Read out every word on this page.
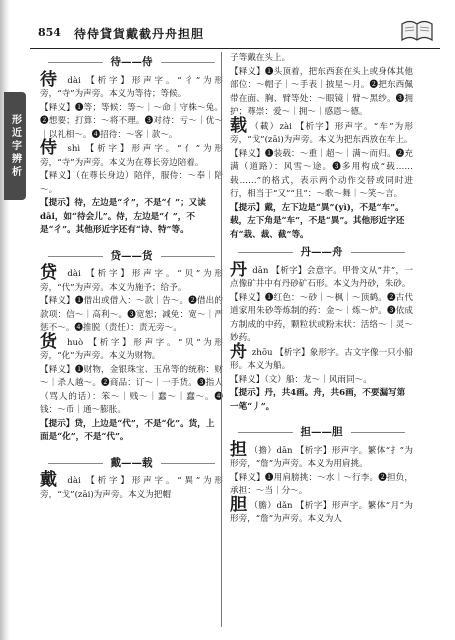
854 待侍貸貨戴截丹舟担胆
形近字辨析
待——侍

待 dài 【析字】形声字。“彳”为形旁，“寺”为声旁。本义为等待；等候。

【释义】❶等；等候：等～｜～命｜守株～兔。❷想要；打算：～将不理。❸对待：亏～｜优～｜以礼相～。❹招待：～客｜款～。

侍 shì 【析字】形声字。“亻”为形旁，“寺”为声旁。本义为在尊长旁边陪着。

【释义】（在尊长身边）陪伴，服侍：～奉｜陪～。

【提示】待，左边是“彳”，不是“亻”；又读 dāi，如“待会儿”。侍，左边是“亻”，不是“彳”。其他形近字还有“诗、特”等。

贷——货

贷 dài 【析字】形声字。“贝”为形旁，“代”为声旁。本义为施予；给予。

【释义】❶借出或借入：～款｜告～。❷借出的款项：信～｜高利～。❸宽恕；减免：宽～｜严惩不～。❹推脱（责任）：责无旁～。

货 huò 【析字】形声字。“贝”为形旁，“化”为声旁。本义为财物。

【释义】❶财物，金银珠宝、玉帛等的统称：财～｜杀人越～。❷商品：订～｜一手货。❸指人（骂人的话）：笨～｜贱～｜蠢～｜蠢～。❹钱：～币｜通～膨胀。

【提示】贷，上边是“代”，不是“化”。货，上面是“化”，不是“代”。

戴——载

戴 dài 【析字】形声字。“異”为形旁，“戈”(zāi)为声旁。本义为把帽

子等戴在头上。

【释义】❶头顶着，把东西套在头上或身体其他部位：～帽子｜～手表｜披星～月。❷把东西佩带在面、胸、臂等处：～眼镜｜臂～黑纱。❸拥护；尊崇：爱～｜拥～｜感恩～德。

载 （載）zài 【析字】形声字。“车”为形旁，“戈”(zāi)为声旁。本义为把东西放在车上。

【释义】❶装载：～重｜超～｜满～而归。❷充满（道路）：风雪～途。❸多用构成“载……载……”的格式，表示两个动作交替或同时进行，相当于“又”“且”：～歌～舞｜～笑～言。

【提示】戴，左下边是“異”(yì)，不是“车”。载，左下角是“车”，不是“異”。其他形近字还有“栽、裁、截”等。

丹——舟

丹 dān 【析字】会意字。甲骨文从“井”，一点像矿井中有丹砂矿石形。本义为丹砂，朱砂。

【释义】❶红色：～砂｜～枫｜～顶鹤。❷古代道家用朱砂等炼制的药：金～｜炼～炉。❸依成方制成的中药，颗粒状或粉末状：活络～｜灵～妙药。

舟 zhōu 【析字】象形字。古文字像一只小船形。本义为船。

【释义】（文）船：龙～｜风雨同～。

【提示】丹，共4画。舟，共6画，不要漏写第一笔“丿”。

担——胆

担 （擔）dān 【析字】形声字。繁体“扌”为形旁，“詹”为声旁。本义为用肩挑。

【释义】❶用肩膀挑：～水｜～行李。❷担负，承担：～当｜分～。

胆 （膽）dǎn 【析字】形声字。繁体“月”为形旁，“詹”为声旁。本义为人
